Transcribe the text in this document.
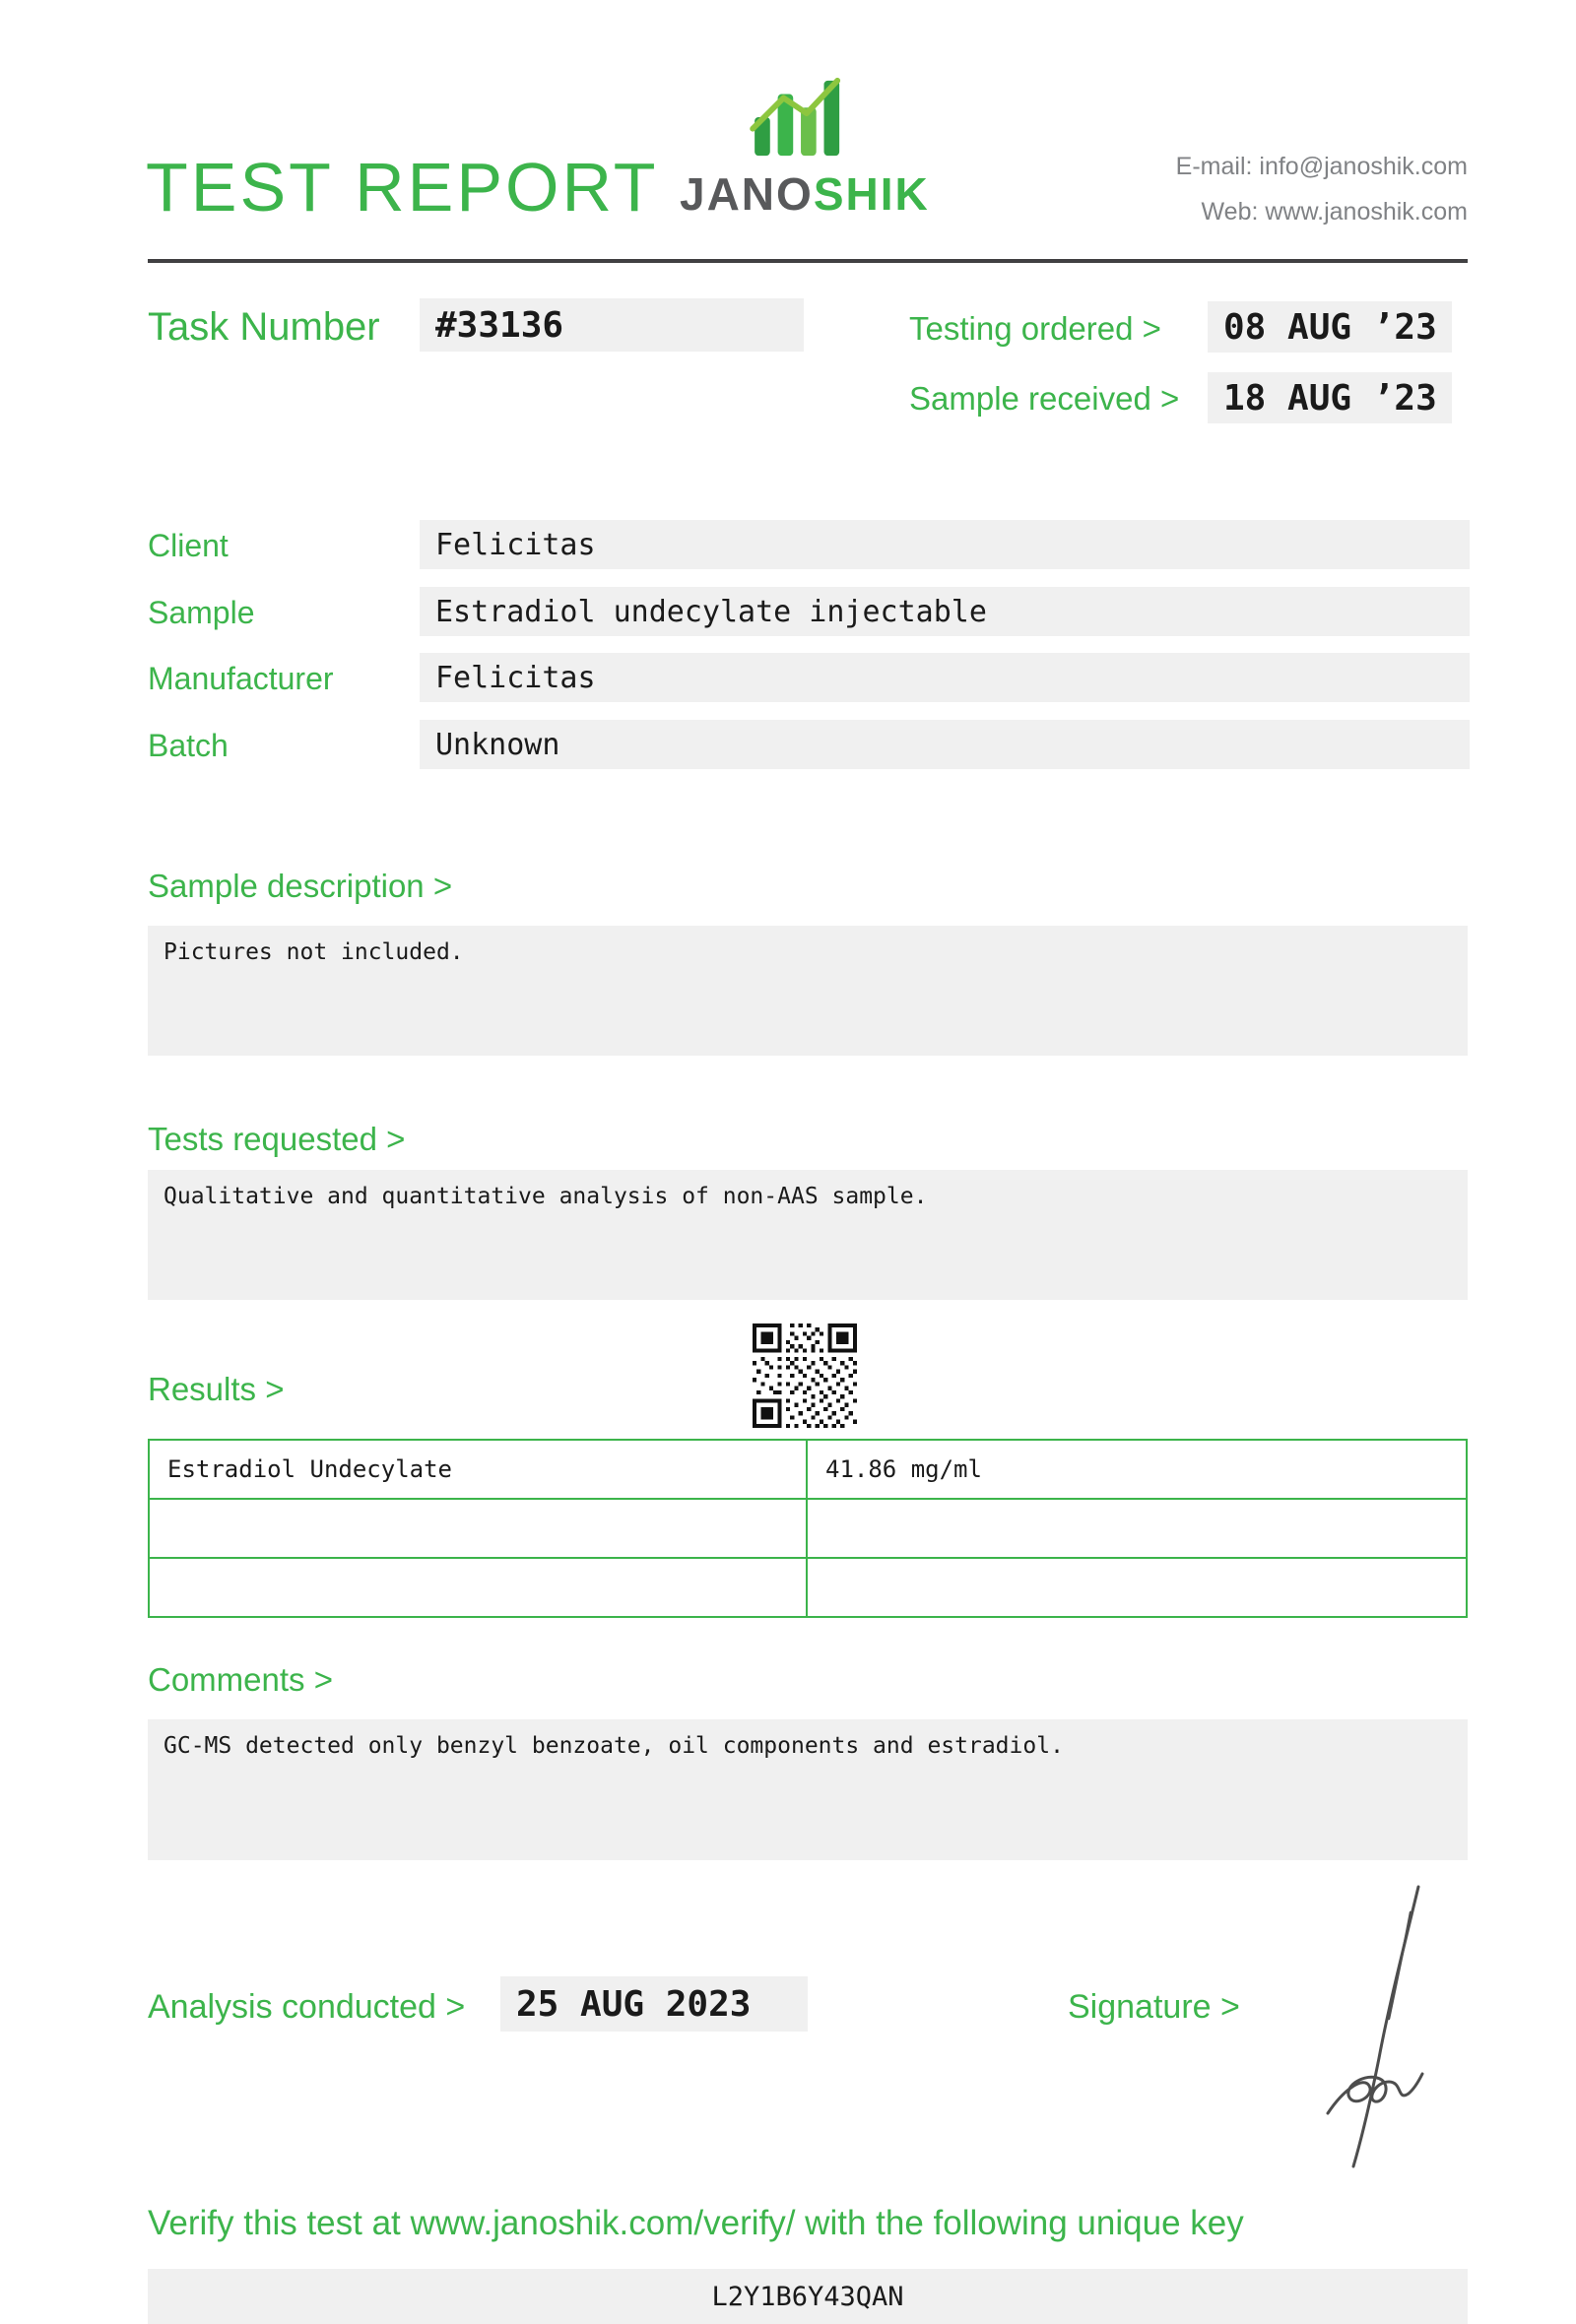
TEST REPORT JANOSHIK
E-mail: info@janoshik.com
Web: www.janoshik.com
Task Number	#33136	Testing ordered >	08 AUG ’23
Sample received >	18 AUG ’23
Client	Felicitas
Sample	Estradiol undecylate injectable
Manufacturer	Felicitas
Batch	Unknown
Sample description >
Pictures not included.
Tests requested >
Qualitative and quantitative analysis of non-AAS sample.
Results >
Estradiol Undecylate	41.86 mg/ml
Comments >
GC-MS detected only benzyl benzoate, oil components and estradiol.
Analysis conducted >	25 AUG 2023	Signature >
Verify this test at www.janoshik.com/verify/ with the following unique key
L2Y1B6Y43QAN
